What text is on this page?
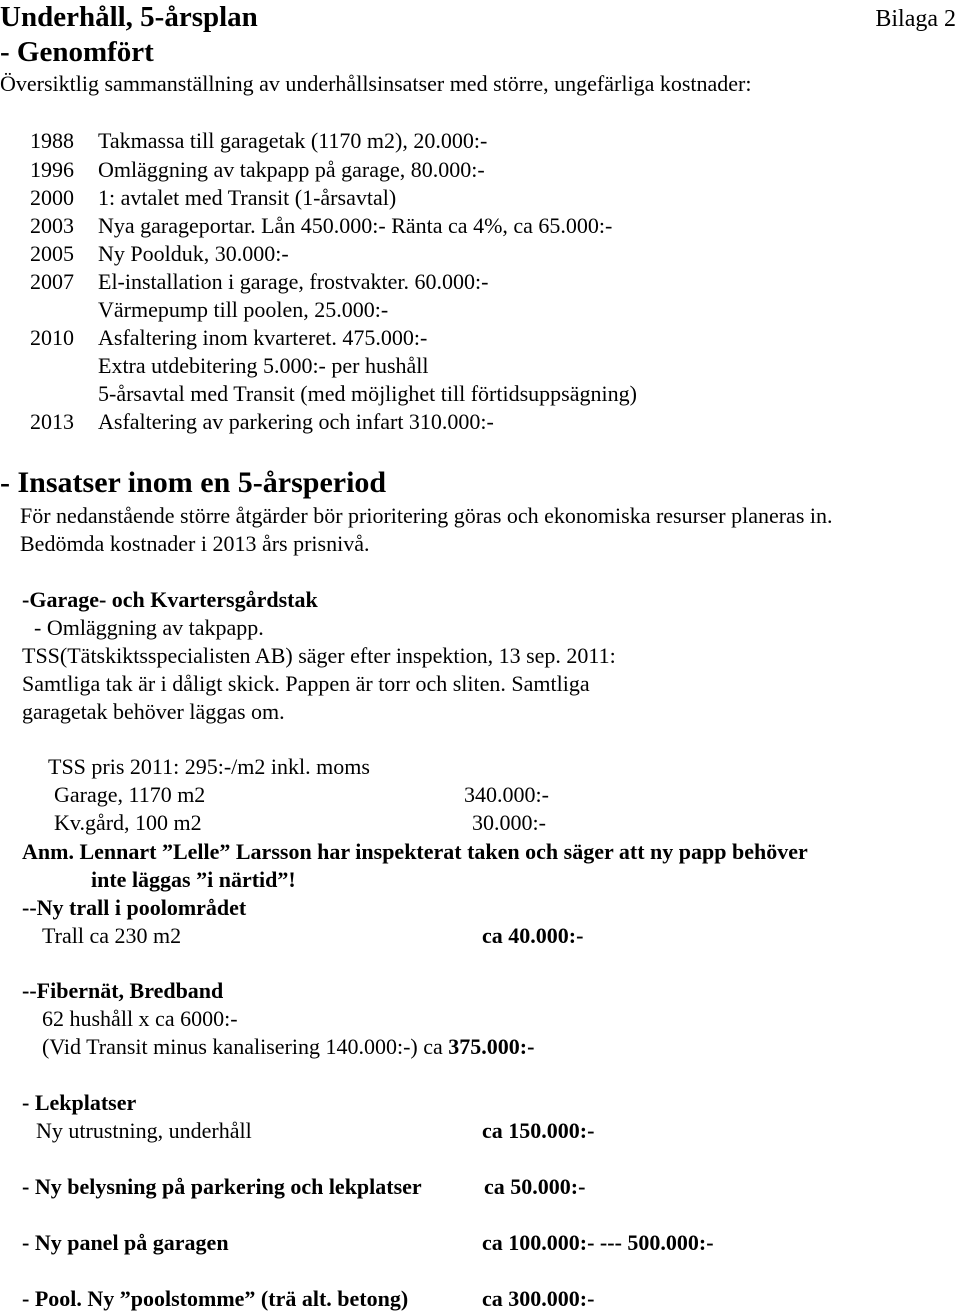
Underhåll, 5-årsplan	Bilaga 2
- Genomfört
Översiktlig sammanställning av underhållsinsatser med större, ungefärliga kostnader:
1988 Takmassa till garagetak (1170 m2), 20.000:-
1996 Omläggning av takpapp på garage, 80.000:-
2000 1: avtalet med Transit (1-årsavtal)
2003 Nya garageportar. Lån 450.000:- Ränta ca 4%, ca 65.000:-
2005 Ny Poolduk, 30.000:-
2007 El-installation i garage, frostvakter. 60.000:-
Värmepump till poolen, 25.000:-
2010 Asfaltering inom kvarteret. 475.000:-
Extra utdebitering 5.000:- per hushåll
5-årsavtal med Transit (med möjlighet till förtidsuppsägning)
2013 Asfaltering av parkering och infart 310.000:-
- Insatser inom en 5-årsperiod
För nedanstående större åtgärder bör prioritering göras och ekonomiska resurser planeras in.
Bedömda kostnader i 2013 års prisnivå.
-Garage- och Kvartersgårdstak
- Omläggning av takpapp.
TSS(Tätskiktsspecialisten AB) säger efter inspektion, 13 sep. 2011:
Samtliga tak är i dåligt skick. Pappen är torr och sliten. Samtliga
garagetak behöver läggas om.
TSS pris 2011: 295:-/m2 inkl. moms
Garage, 1170 m2	340.000:-
Kv.gård, 100 m2	30.000:-
Anm. Lennart ”Lelle” Larsson har inspekterat taken och säger att ny papp behöver
inte läggas ”i närtid”!
--Ny trall i poolområdet
Trall ca 230 m2	ca 40.000:-
--Fibernät, Bredband
62 hushåll x ca 6000:-
(Vid Transit minus kanalisering 140.000:-) ca 375.000:-
- Lekplatser
Ny utrustning, underhåll	ca 150.000:-
- Ny belysning på parkering och lekplatser	ca 50.000:-
- Ny panel på garagen	ca 100.000:- --- 500.000:-
- Pool. Ny ”poolstomme” (trä alt. betong)	ca 300.000:-
